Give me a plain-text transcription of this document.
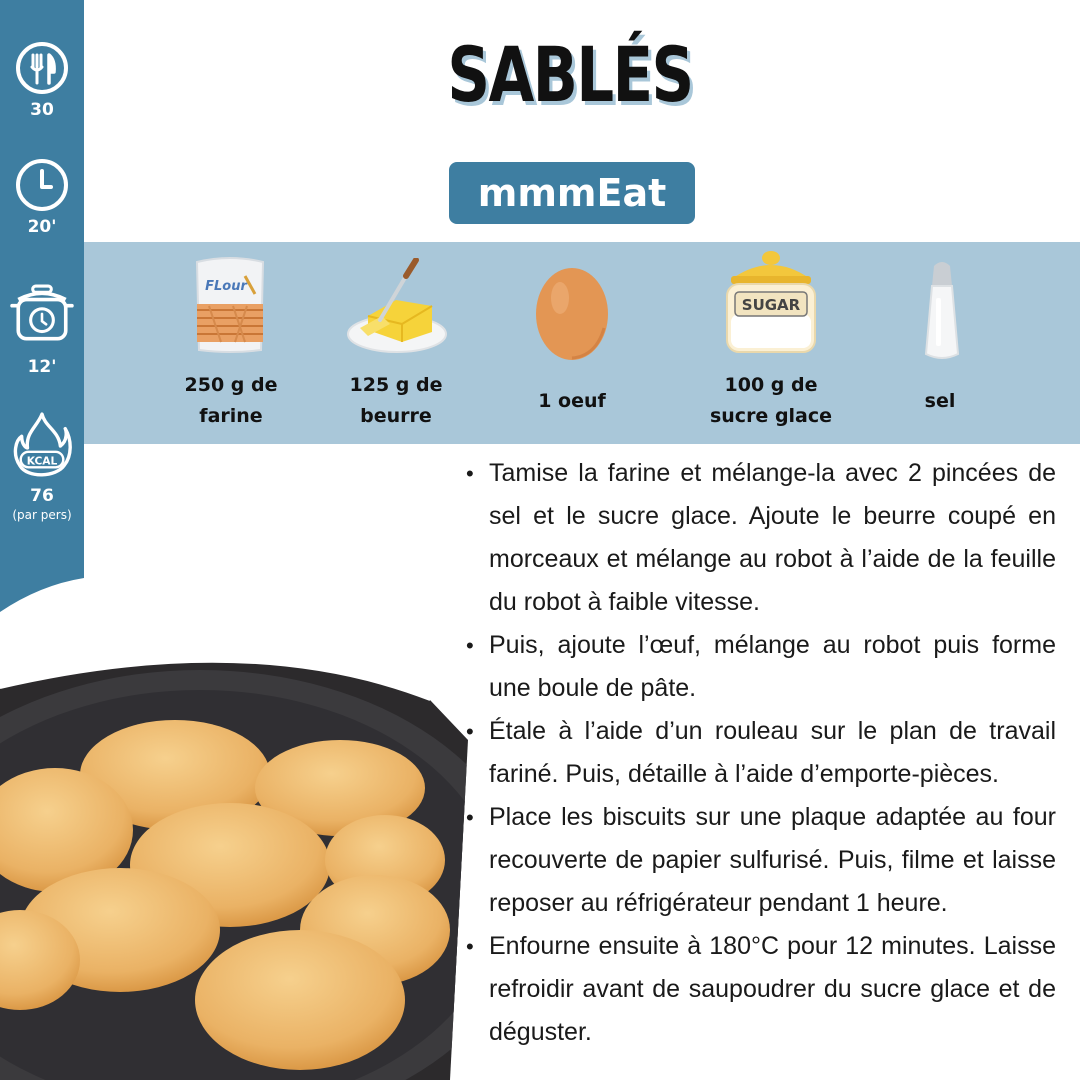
30
20'
12'
KCAL
76
(par pers)
SABLÉS
mmmEat
FLour
250 g de
farine
125 g de
beurre
1 oeuf
SUGAR
100 g de
sucre glace
sel
• Tamise la farine et mélange-la avec 2 pincées de sel et le sucre glace. Ajoute le beurre coupé en morceaux et mélange au robot à l’aide de la feuille du robot à faible vitesse.
• Puis, ajoute l’œuf, mélange au robot puis forme une boule de pâte.
• Étale à l’aide d’un rouleau sur le plan de travail fariné. Puis, détaille à l’aide d’emporte-pièces.
• Place les biscuits sur une plaque adaptée au four recouverte de papier sulfurisé. Puis, filme et laisse reposer au réfrigérateur pendant 1 heure.
• Enfourne ensuite à 180°C pour 12 minutes. Laisse refroidir avant de saupoudrer du sucre glace et de déguster.
